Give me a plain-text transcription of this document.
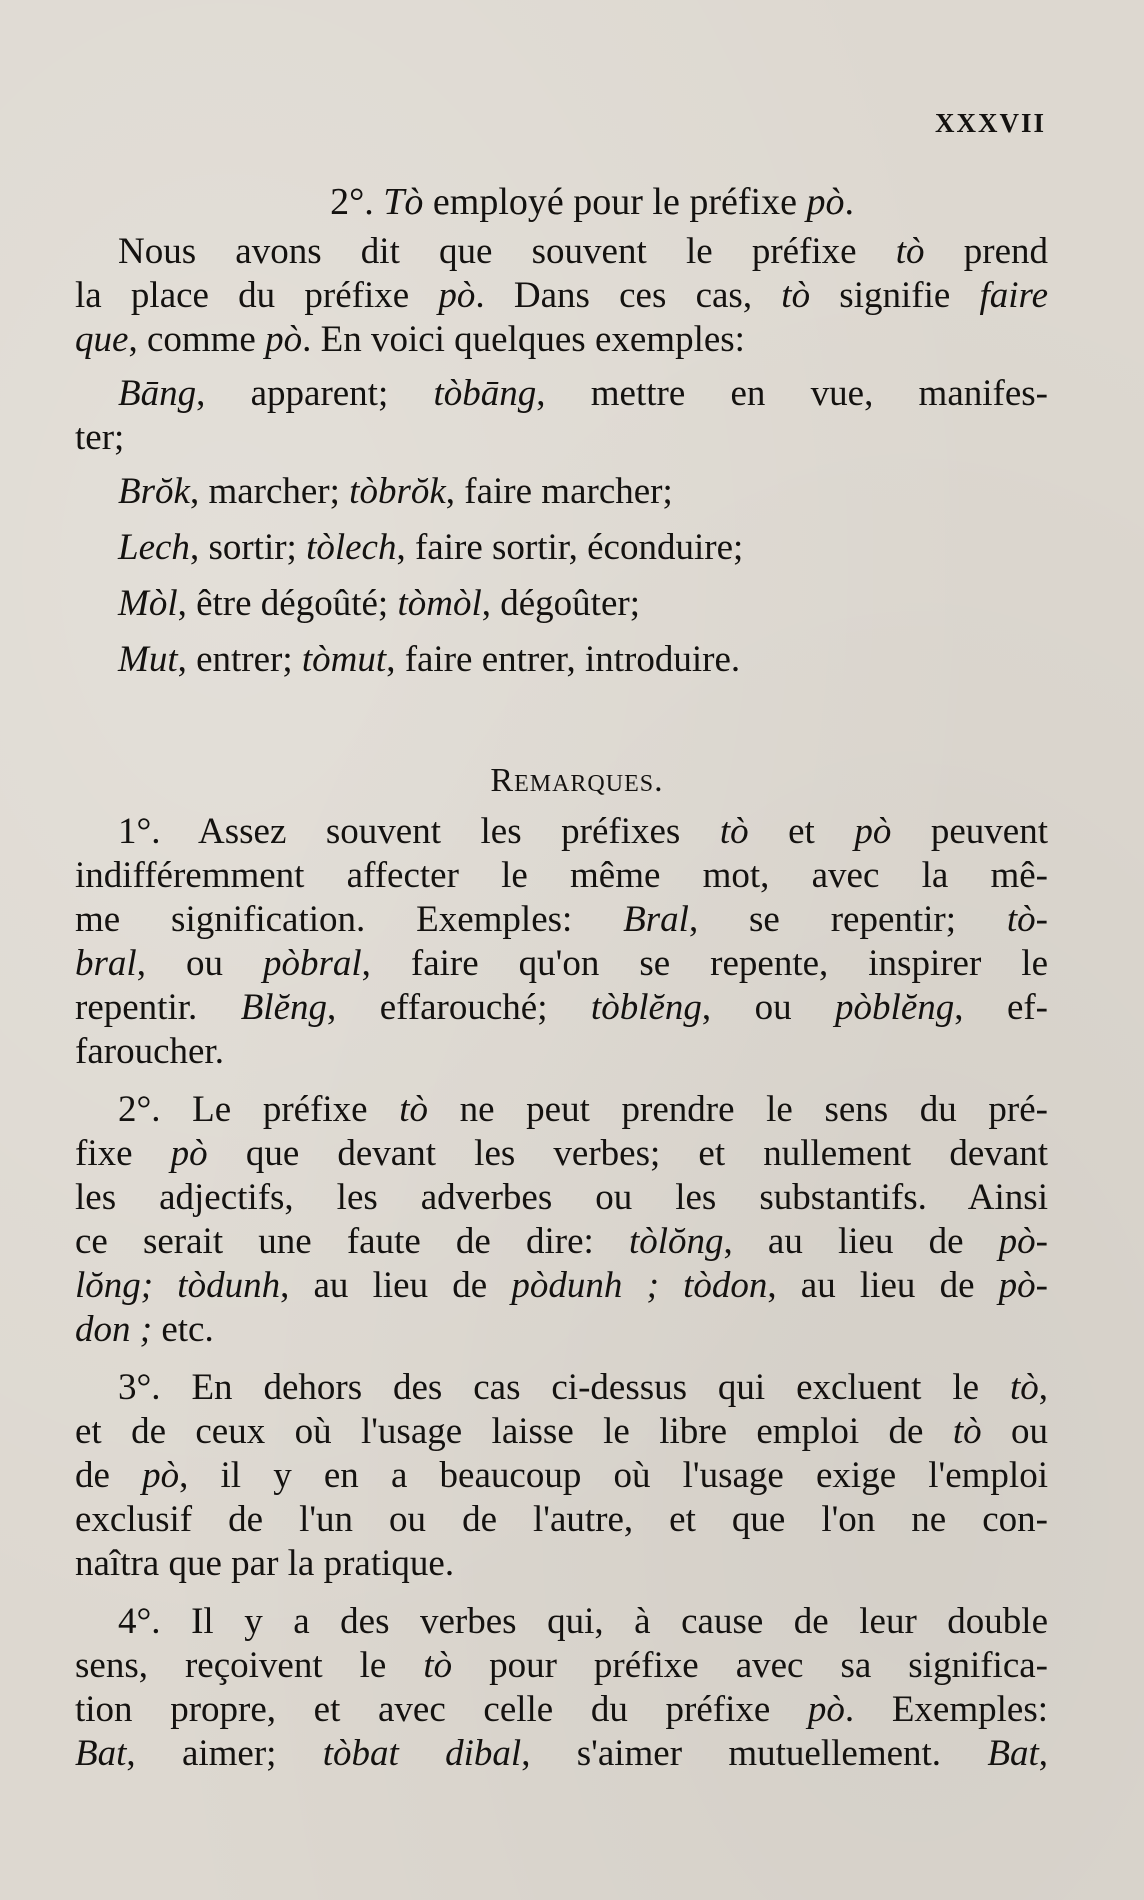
XXXVII
2°. Tò employé pour le préfixe pò.
Remarques.
Nous avons dit que souvent le préfixe tò prend
la place du préfixe pò. Dans ces cas, tò signifie faire
que, comme pò. En voici quelques exemples:
Bāng, apparent; tòbāng, mettre en vue, manifes-
ter;
Brŏk, marcher; tòbrŏk, faire marcher;
Lech, sortir; tòlech, faire sortir, éconduire;
Mòl, être dégoûté; tòmòl, dégoûter;
Mut, entrer; tòmut, faire entrer, introduire.
1°. Assez souvent les préfixes tò et pò peuvent
indifféremment affecter le même mot, avec la mê-
me signification. Exemples: Bral, se repentir; tò-
bral, ou pòbral, faire qu'on se repente, inspirer le
repentir. Blĕng, effarouché; tòblĕng, ou pòblĕng, ef-
faroucher.
2°. Le préfixe tò ne peut prendre le sens du pré-
fixe pò que devant les verbes; et nullement devant
les adjectifs, les adverbes ou les substantifs. Ainsi
ce serait une faute de dire: tòlŏng, au lieu de pò-
lŏng; tòdunh, au lieu de pòdunh ; tòdon, au lieu de pò-
don ; etc.
3°. En dehors des cas ci-dessus qui excluent le tò,
et de ceux où l'usage laisse le libre emploi de tò ou
de pò, il y en a beaucoup où l'usage exige l'emploi
exclusif de l'un ou de l'autre, et que l'on ne con-
naîtra que par la pratique.
4°. Il y a des verbes qui, à cause de leur double
sens, reçoivent le tò pour préfixe avec sa significa-
tion propre, et avec celle du préfixe pò. Exemples:
Bat, aimer; tòbat dibal, s'aimer mutuellement. Bat,
